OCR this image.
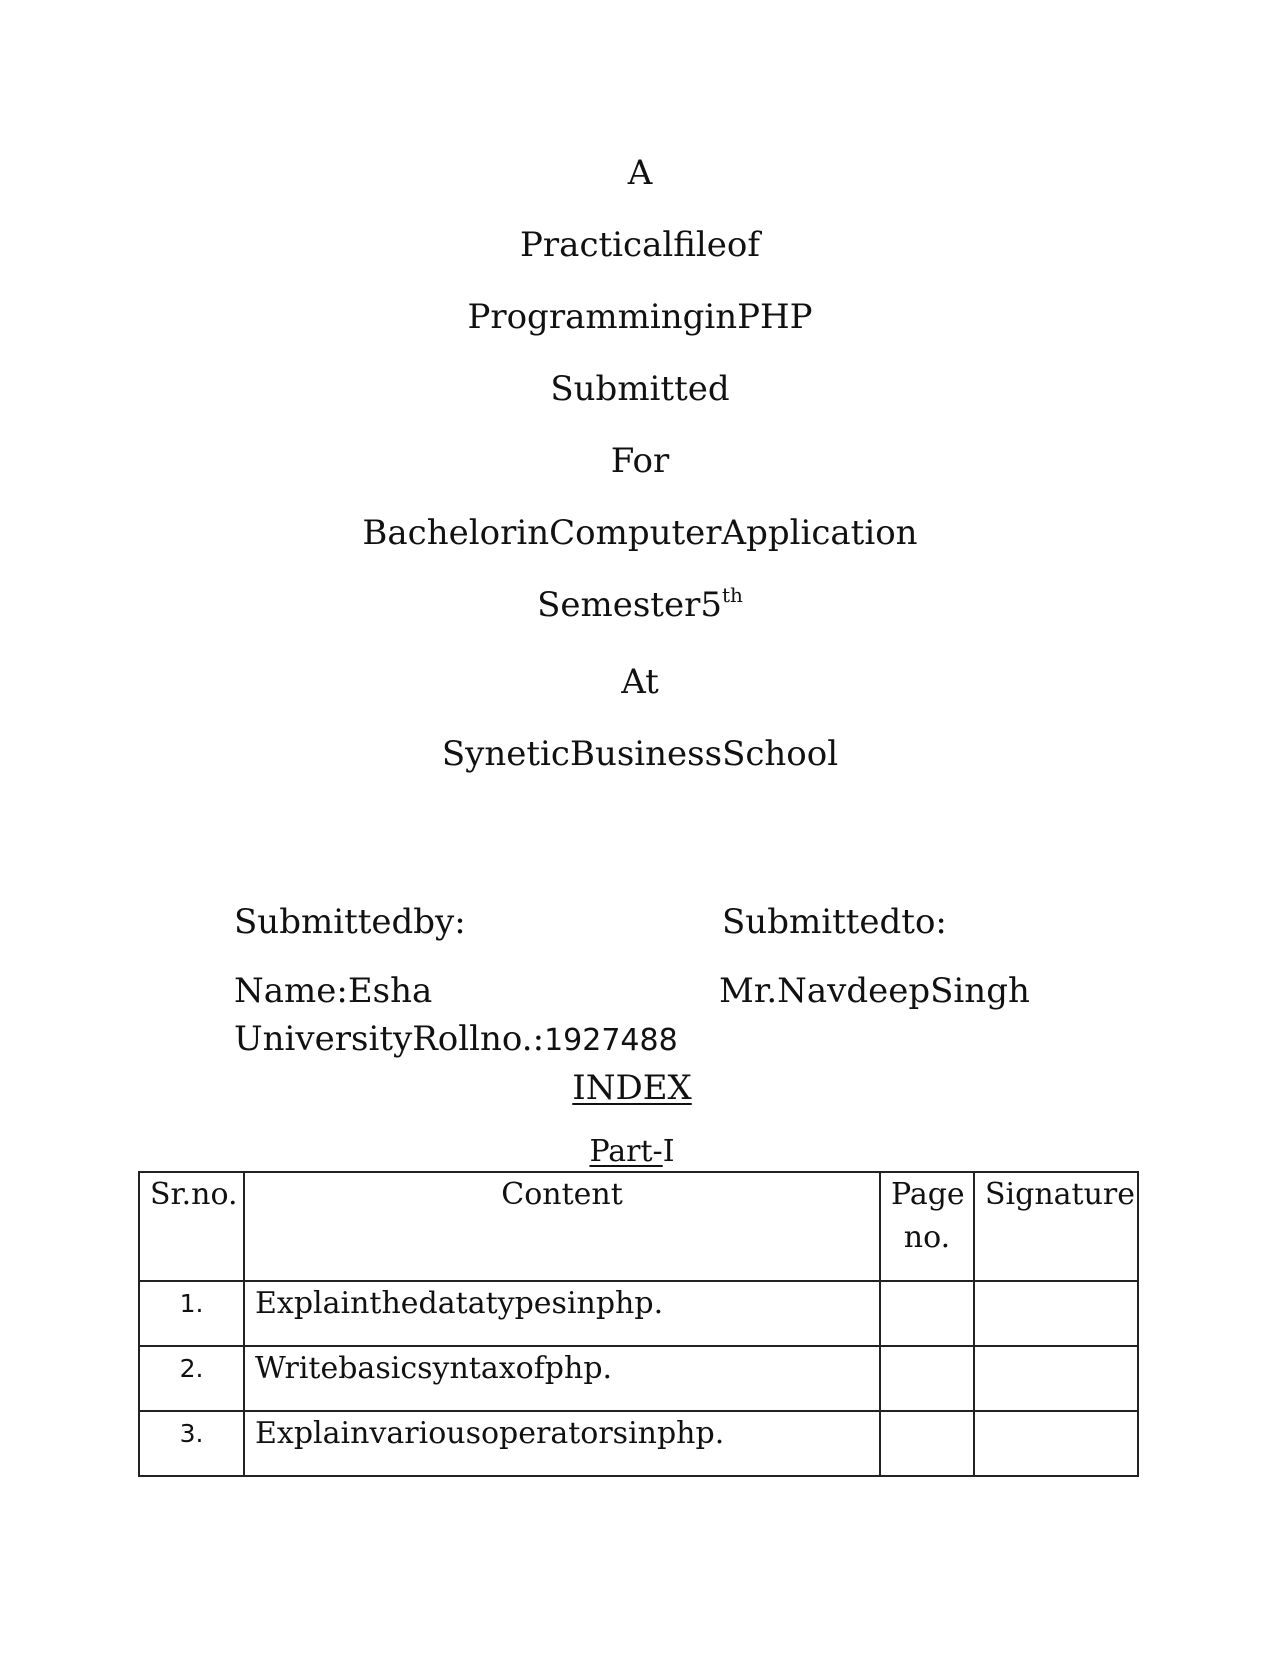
A
Practicalfileof
ProgramminginPHP
Submitted
For
BachelorinComputerApplication
Semester5th
At
SyneticBusinessSchool
Submittedby:	Submittedto:
Name:Esha	Mr.NavdeepSingh
UniversityRollno.:1927488
INDEX
Part-I
Sr.no.	Content	Page no.	Signature
1.	Explainthedatatypesinphp.		
2.	Writebasicsyntaxofphp.		
3.	Explainvariousoperatorsinphp.		
